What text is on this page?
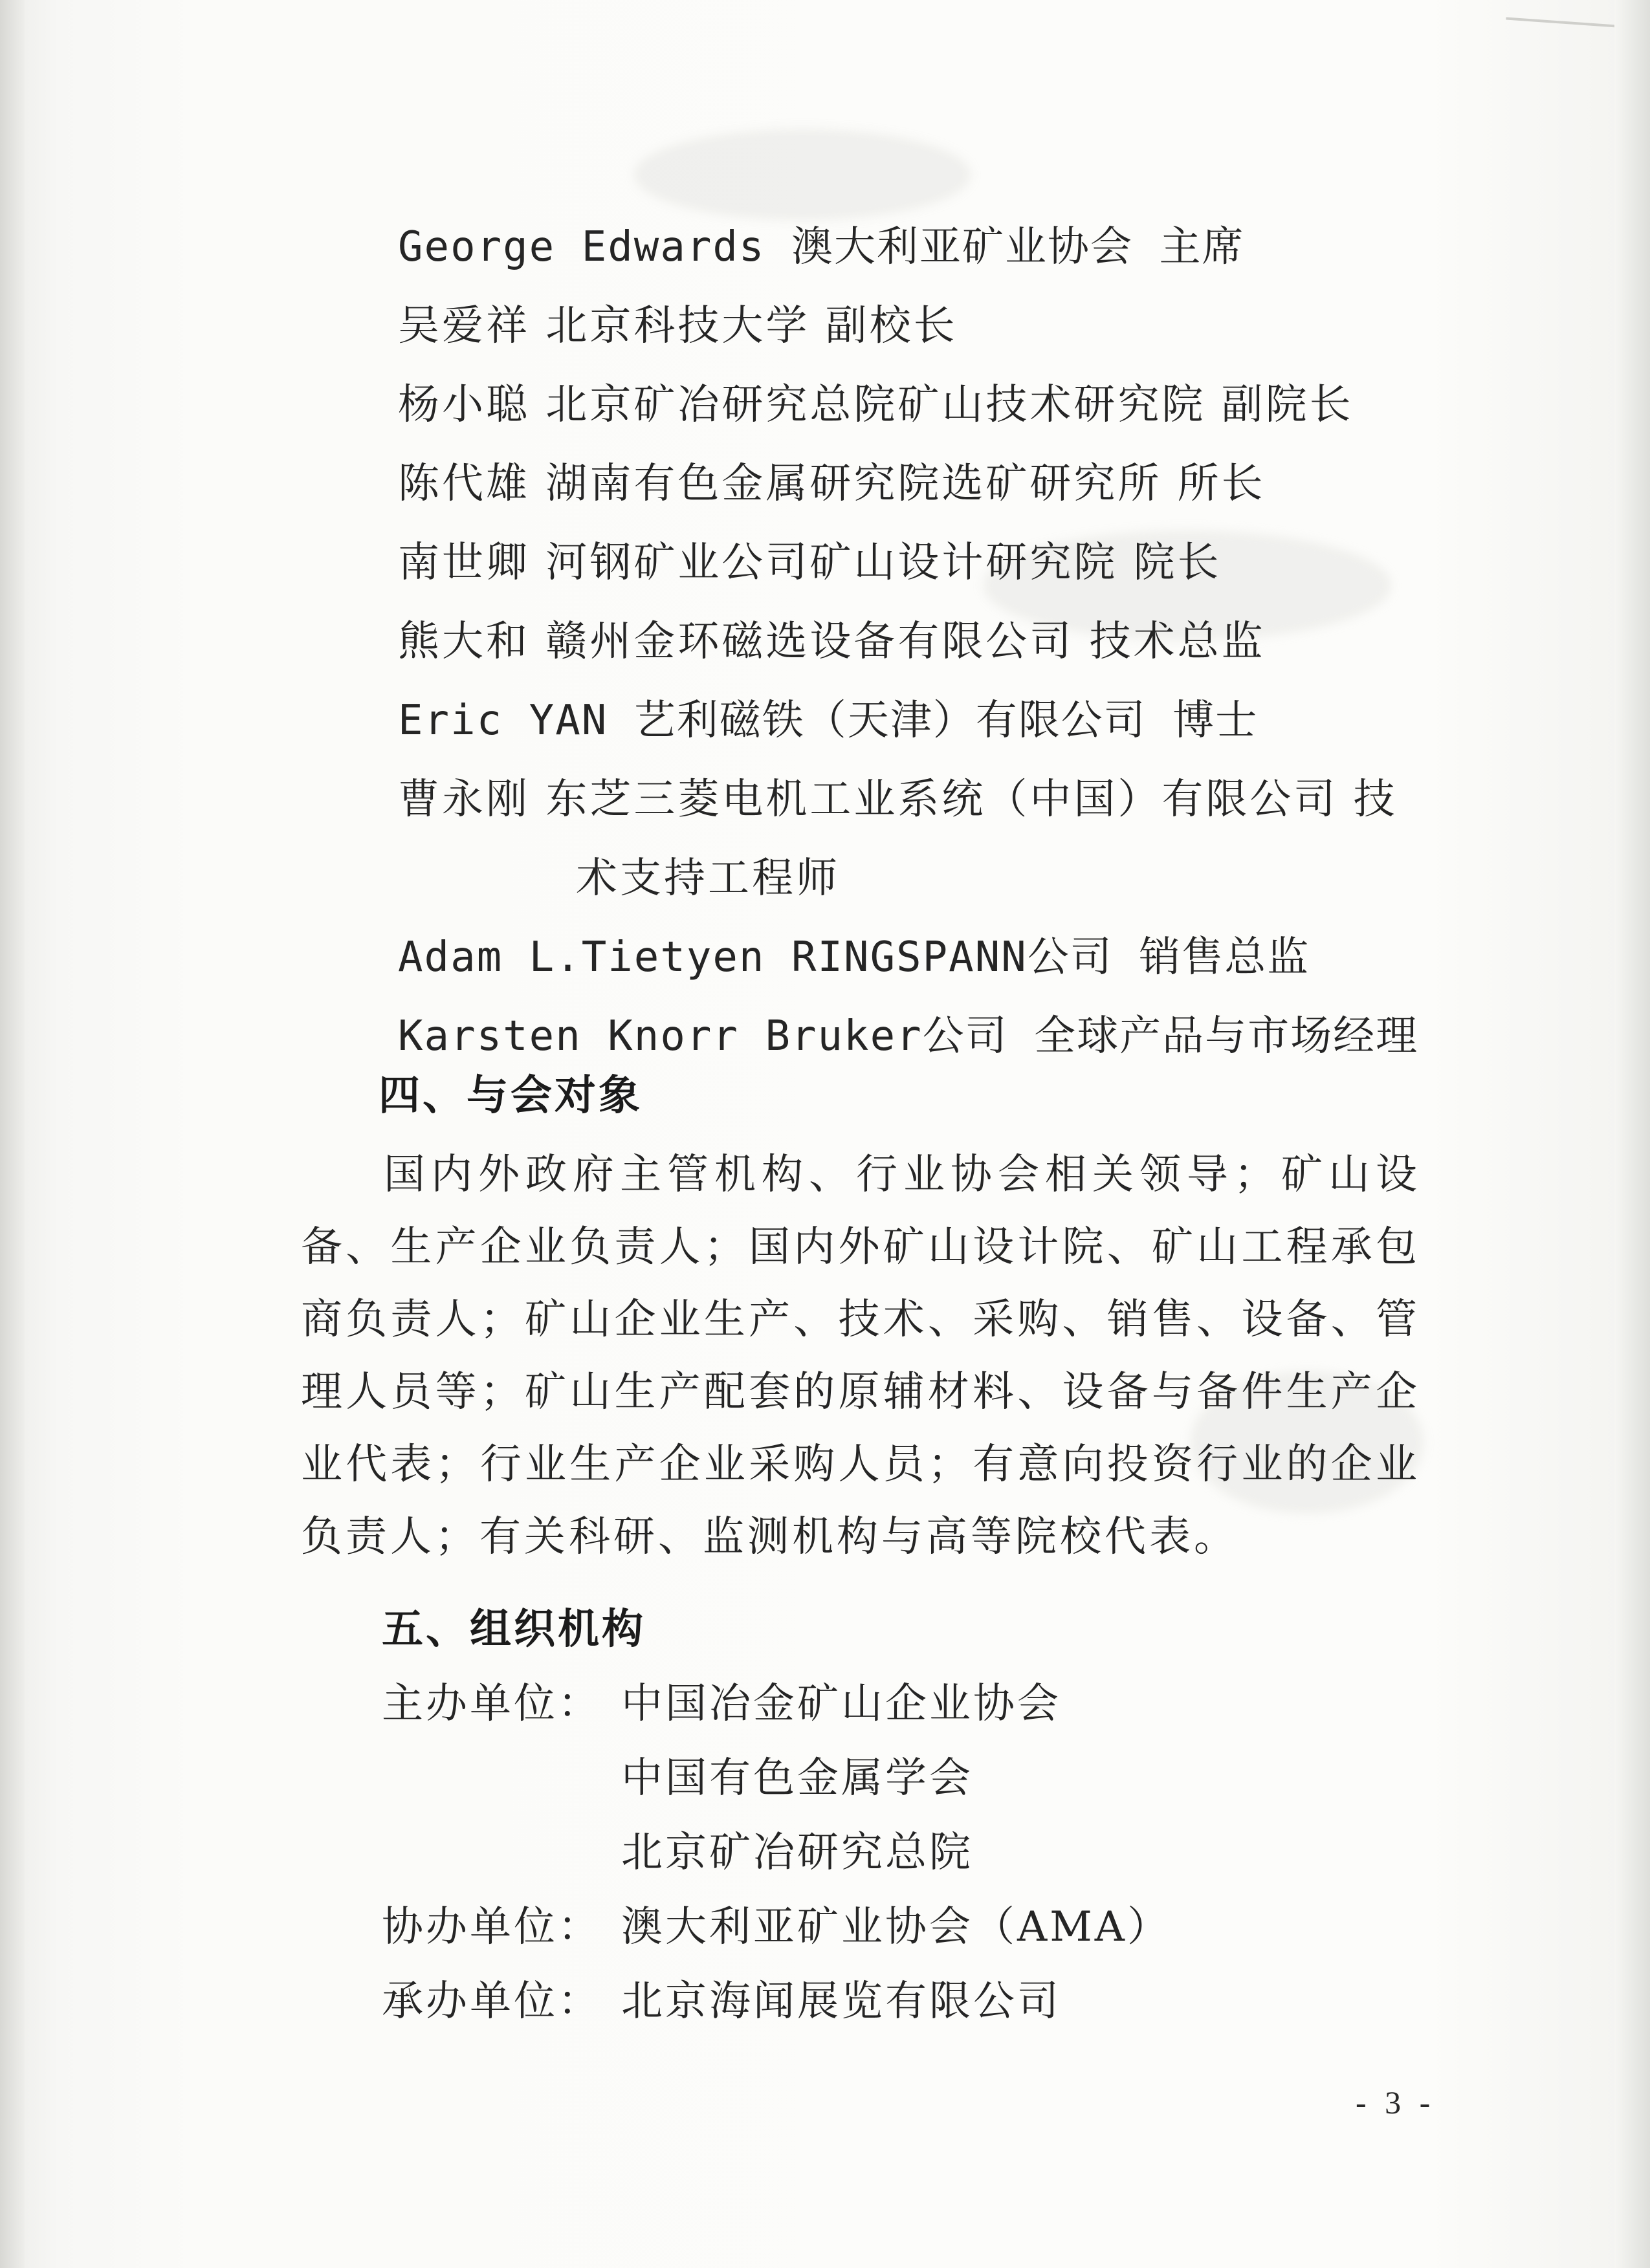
George Edwards 澳大利亚矿业协会 主席
吴爱祥 北京科技大学 副校长
杨小聪 北京矿冶研究总院矿山技术研究院 副院长
陈代雄 湖南有色金属研究院选矿研究所 所长
南世卿 河钢矿业公司矿山设计研究院 院长
熊大和 赣州金环磁选设备有限公司 技术总监
Eric YAN 艺利磁铁（天津）有限公司 博士
曹永刚 东芝三菱电机工业系统（中国）有限公司 技
术支持工程师
Adam L.Tietyen RINGSPANN公司 销售总监
Karsten Knorr Bruker公司 全球产品与市场经理
四、与会对象
国内外政府主管机构、行业协会相关领导；矿山设备、生产企业负责人；国内外矿山设计院、矿山工程承包商负责人；矿山企业生产、技术、采购、销售、设备、管理人员等；矿山生产配套的原辅材料、设备与备件生产企业代表；行业生产企业采购人员；有意向投资行业的企业负责人；有关科研、监测机构与高等院校代表。
五、组织机构
主办单位： 中国冶金矿山企业协会
中国有色金属学会
北京矿冶研究总院
协办单位： 澳大利亚矿业协会（AMA）
承办单位： 北京海闻展览有限公司
- 3 -
